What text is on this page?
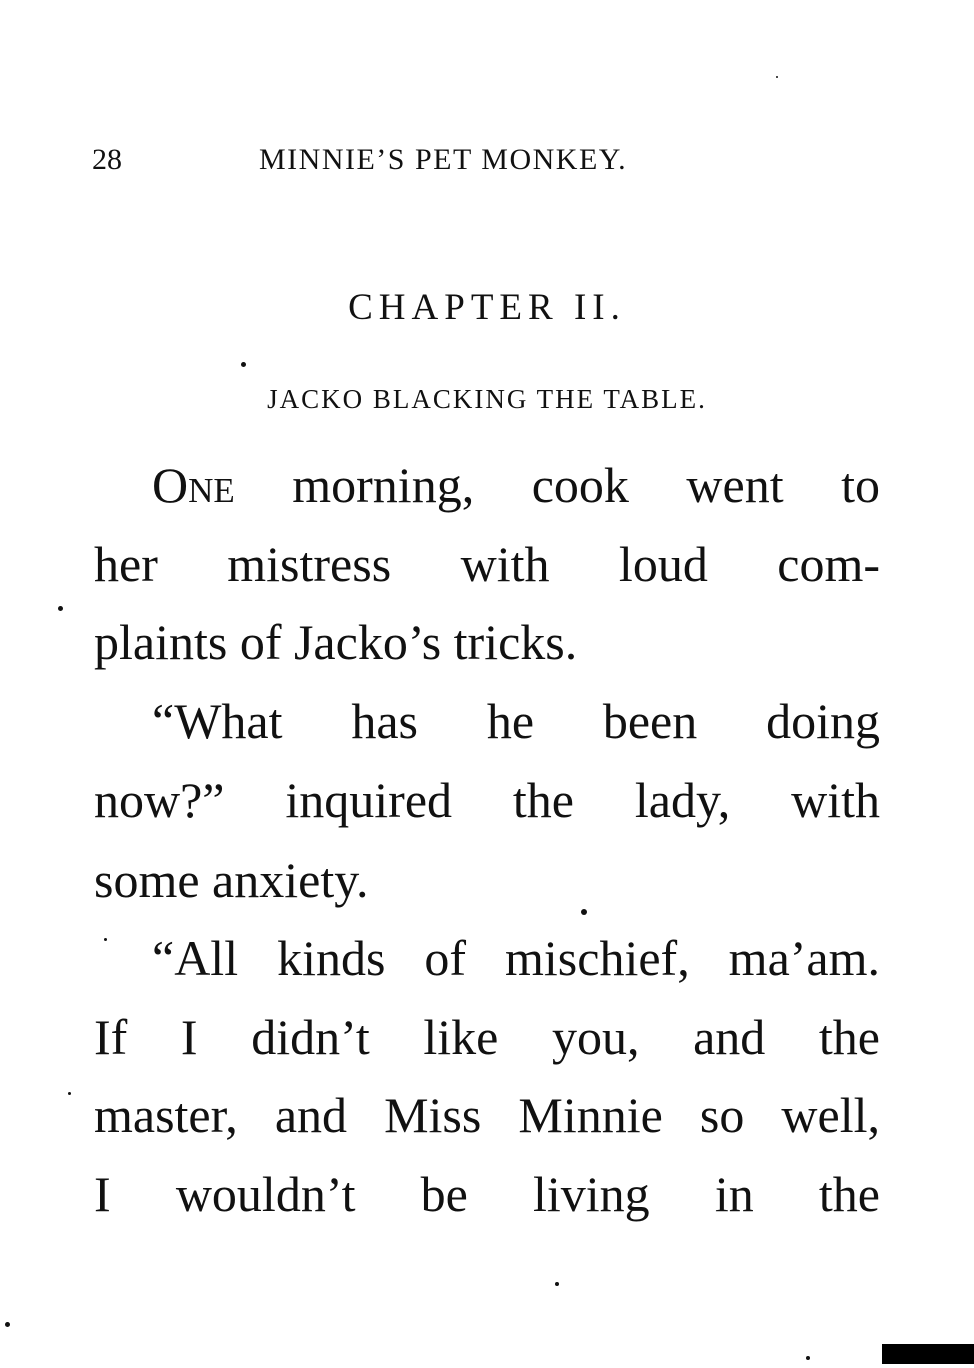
28	MINNIE’S PET MONKEY.
CHAPTER II.
JACKO BLACKING THE TABLE.
One morning, cook went to
her mistress with loud com-
plaints of Jacko’s tricks.
“What has he been doing
now?” inquired the lady, with
some anxiety.
“All kinds of mischief, ma’am.
If I didn’t like you, and the
master, and Miss Minnie so well,
I wouldn’t be living in the
